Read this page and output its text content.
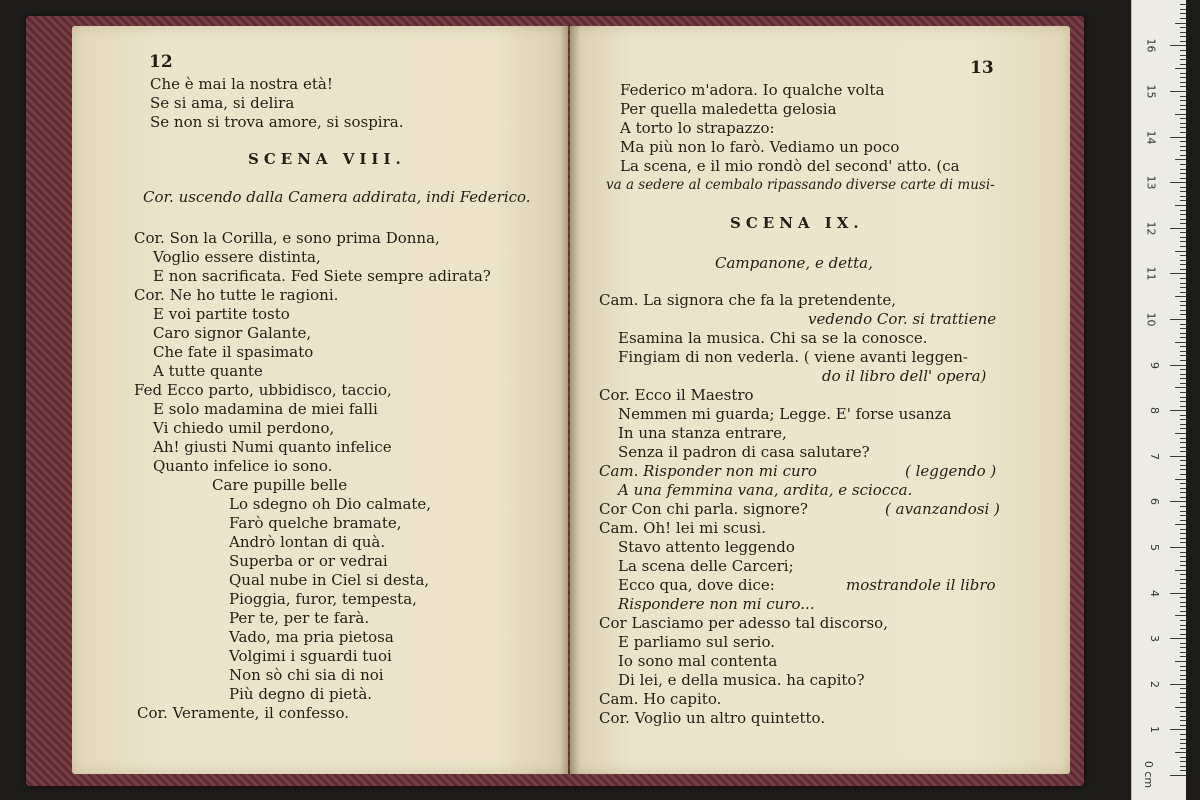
12
Che è mai la nostra età!
Se si ama, si delira
Se non si trova amore, si sospira.
SCENA VIII.
Cor. uscendo dalla Camera addirata, indi Federico.
Cor. Son la Corilla, e sono prima Donna,
Voglio essere distinta,
E non sacrificata. Fed Siete sempre adirata?
Cor. Ne ho tutte le ragioni.
E voi partite tosto
Caro signor Galante,
Che fate il spasimato
A tutte quante
Fed Ecco parto, ubbidisco, taccio,
E solo madamina de miei falli
Vi chiedo umil perdono,
Ah! giusti Numi quanto infelice
Quanto infelice io sono.
Care pupille belle
Lo sdegno oh Dio calmate,
Farò quelche bramate,
Andrò lontan di quà.
Superba or or vedrai
Qual nube in Ciel si desta,
Pioggia, furor, tempesta,
Per te, per te farà.
Vado, ma pria pietosa
Volgimi i sguardi tuoi
Non sò chi sia di noi
Più degno di pietà.
Cor. Veramente, il confesso.
13
Federico m'adora. Io qualche volta
Per quella maledetta gelosia
A torto lo strapazzo:
Ma più non lo farò. Vediamo un poco
La scena, e il mio rondò del second' atto. (ca
va a sedere al cembalo ripassando diverse carte di musi-
SCENA IX.
Campanone, e detta,
Cam. La signora che fa la pretendente,
vedendo Cor. si trattiene
Esamina la musica. Chi sa se la conosce.
Fingiam di non vederla. ( viene avanti leggen-
do il libro dell' opera)
Cor. Ecco il Maestro
Nemmen mi guarda; Legge. E' forse usanza
In una stanza entrare,
Senza il padron di casa salutare?
Cam. Risponder non mi curo	( leggendo )
A una femmina vana, ardita, e sciocca.
Cor Con chi parla. signore?	( avanzandosi )
Cam. Oh! lei mi scusi.
Stavo attento leggendo
La scena delle Carceri;
Ecco qua, dove dice:	mostrandole il libro
Rispondere non mi curo...
Cor Lasciamo per adesso tal discorso,
E parliamo sul serio.
Io sono mal contenta
Di lei, e della musica. ha capito?
Cam. Ho capito.
Cor. Voglio un altro quintetto.
0 cm
1
2
3
4
5
6
7
8
9
10
11
12
13
14
15
16
